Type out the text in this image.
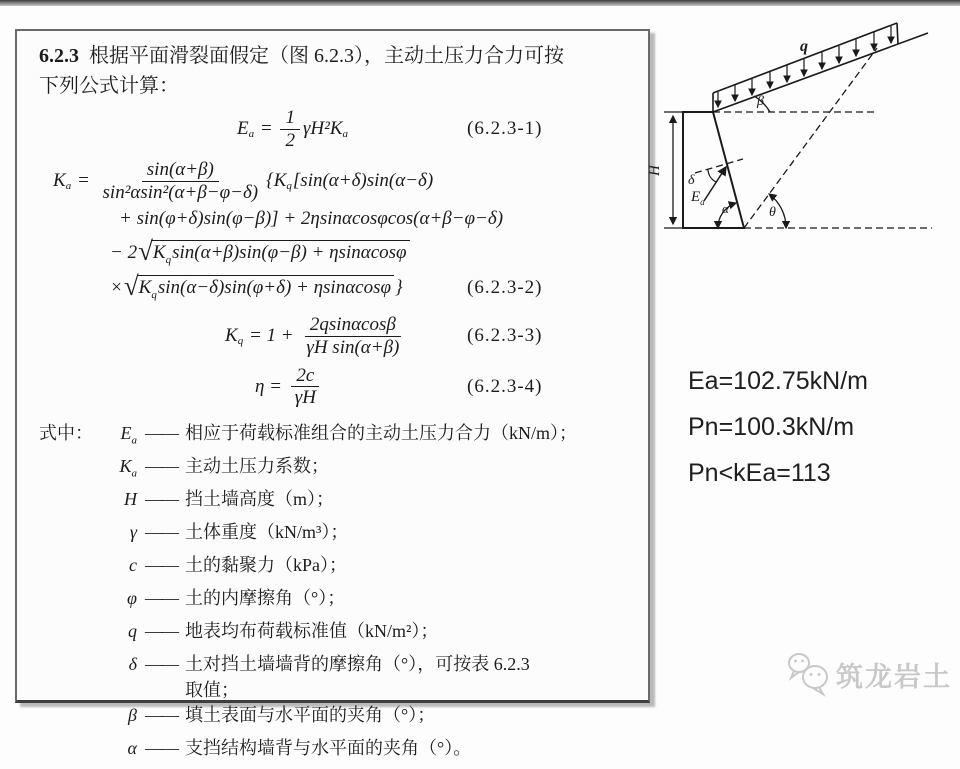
6.2.3 根据平面滑裂面假定（图 6.2.3），主动土压力合力可按

下列公式计算：

E $a = \frac{1}{2} \gamma H^2K$ a	(6.2.3-1)
K $a = \frac{\sin(\alpha+\beta)}{\text{sin²αsin²(α+β−φ−δ)}} \{K$ q [sin(α+δ)sin(α−δ)
+ sin(φ+δ)sin(φ−β)] + 2ηsinαcosφcos(α+β−φ−δ)
− 2 √ $K_q\sin(\alpha+\beta)\sin(\varphi-\beta) + \eta\sin\alpha\cos\varphi$
× √ $K_q\sin(\alpha-\delta)\sin(\varphi+\delta) + \eta\sin\alpha\cos\varphi$ }	(6.2.3-2)
K $q = 1 + \frac{2qsin\alpha\cos\beta}{\text{γH sin(α+β)}}$	(6.2.3-3)
$\eta = \frac{2c}{\gamma H}$	(6.2.3-4)
式中：	$E_a$ —— 相应于荷载标准组合的主动土压力合力（kN/m）；
$K_a$ —— 主动土压力系数；
H —— 挡土墙高度（m）；
γ —— 土体重度（kN/m³）；
c —— 土的黏聚力（kPa）；
φ —— 土的内摩擦角（°）；
q —— 地表均布荷载标准值（kN/m²）；
δ —— 土对挡土墙墙背的摩擦角（°），可按表 6.2.3
取值；
β —— 填土表面与水平面的夹角（°）；
α —— 支挡结构墙背与水平面的夹角（°）。
q
β
H
δ
$E_a$ α	θ
Ea=102.75kN/m
Pn=100.3kN/m
Pn<kEa=113
筑龙岩土
